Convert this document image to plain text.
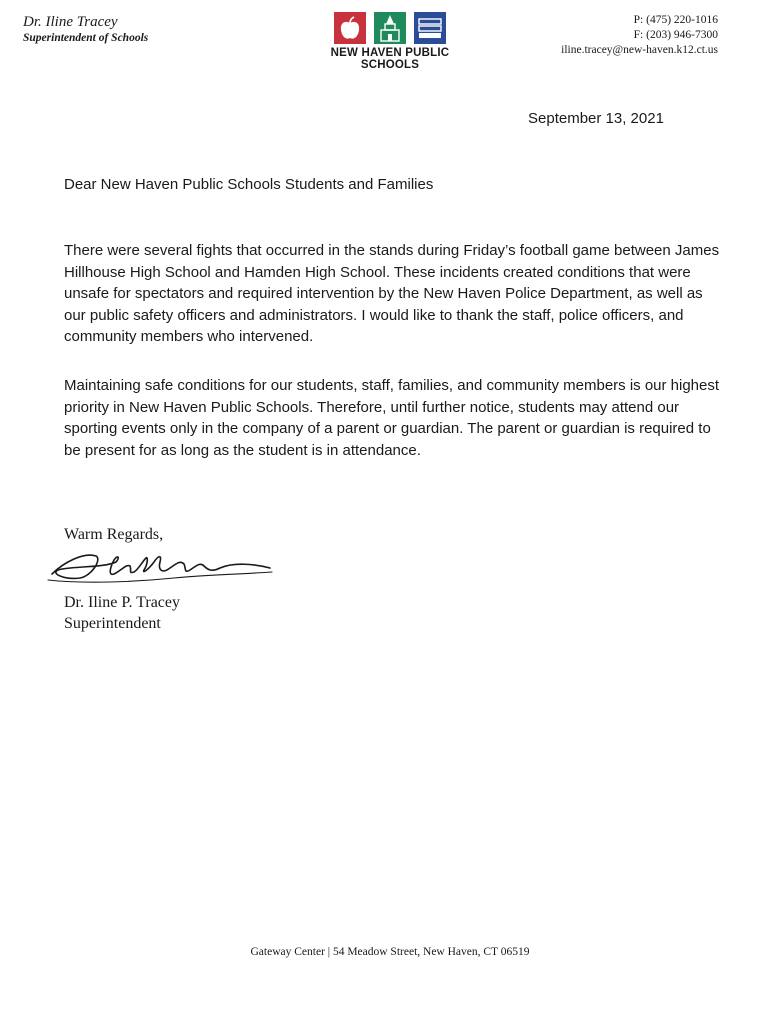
Dr. Iline Tracey
Superintendent of Schools
NEW HAVEN PUBLIC SCHOOLS
P: (475) 220-1016
F: (203) 946-7300
iline.tracey@new-haven.k12.ct.us
September 13, 2021
Dear New Haven Public Schools Students and Families

There were several fights that occurred in the stands during Friday’s football game between James Hillhouse High School and Hamden High School. These incidents created conditions that were unsafe for spectators and required intervention by the New Haven Police Department, as well as our public safety officers and administrators. I would like to thank the staff, police officers, and community members who intervened.

Maintaining safe conditions for our students, staff, families, and community members is our highest priority in New Haven Public Schools. Therefore, until further notice, students may attend our sporting events only in the company of a parent or guardian. The parent or guardian is required to be present for as long as the student is in attendance.

Warm Regards,
Dr. Iline P. Tracey
Superintendent
Gateway Center | 54 Meadow Street, New Haven, CT 06519
